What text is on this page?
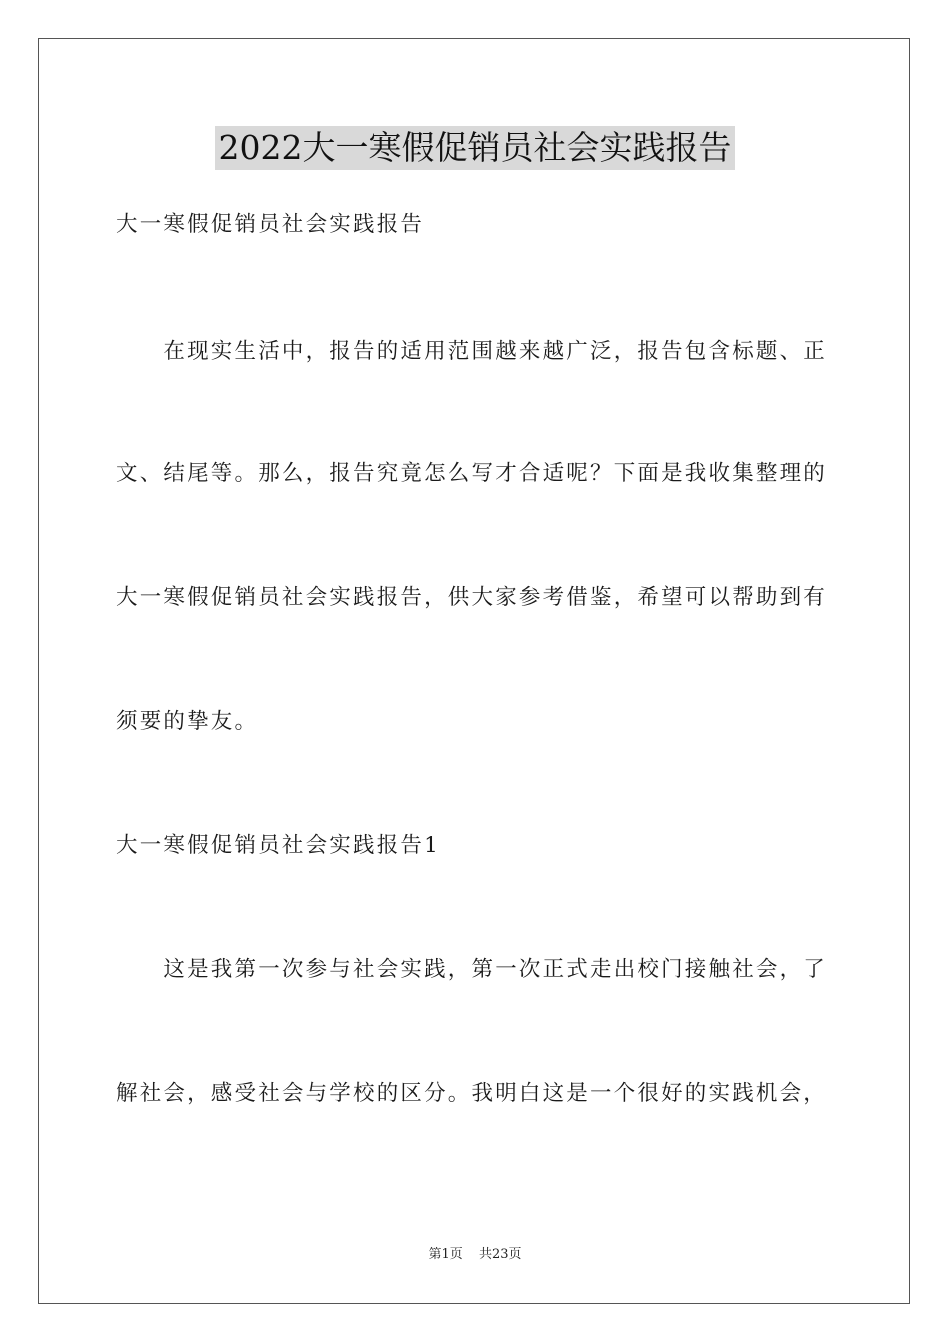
2022大一寒假促销员社会实践报告
大一寒假促销员社会实践报告
　　在现实生活中，报告的适用范围越来越广泛，报告包含标题、正
文、结尾等。那么，报告究竟怎么写才合适呢？下面是我收集整理的
大一寒假促销员社会实践报告，供大家参考借鉴，希望可以帮助到有
须要的挚友。
大一寒假促销员社会实践报告1
　　这是我第一次参与社会实践，第一次正式走出校门接触社会，了
解社会，感受社会与学校的区分。我明白这是一个很好的实践机会，
第1页 共23页
